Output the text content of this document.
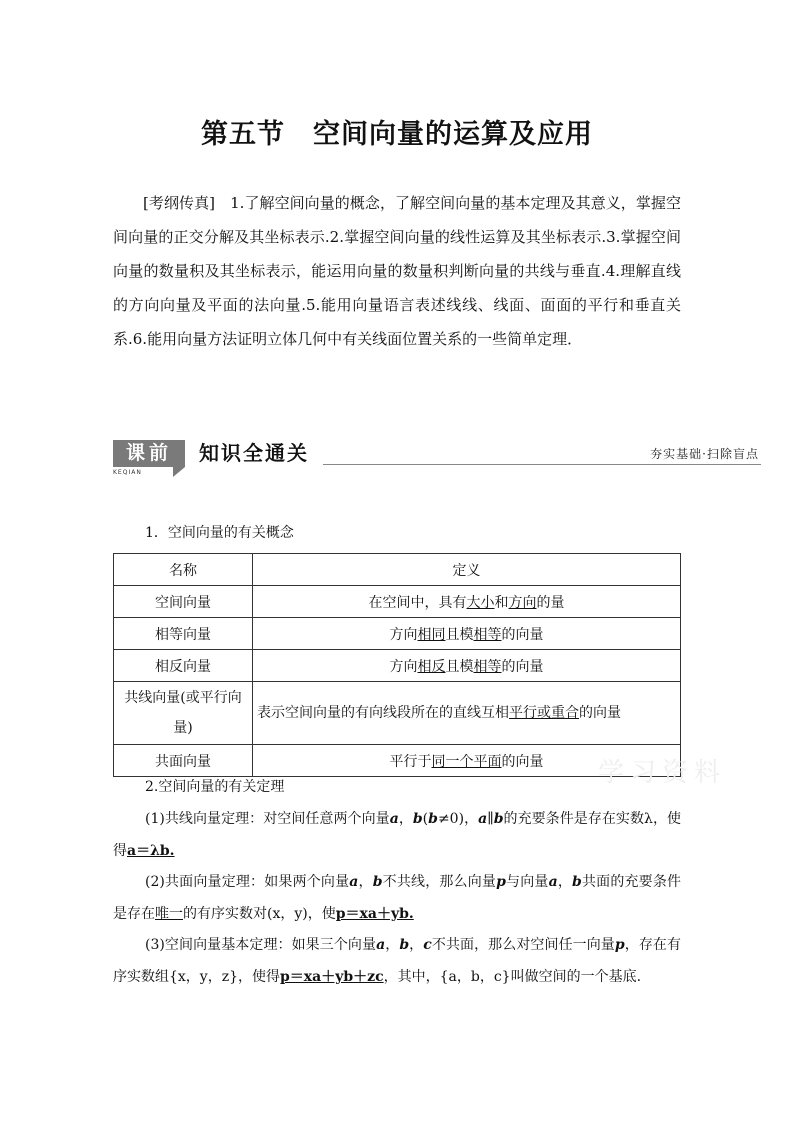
第五节 空间向量的运算及应用
[考纲传真]　 1.了解空间向量的概念，了解空间向量的基本定理及其意义，掌握空间向量的正交分解及其坐标表示.2.掌握空间向量的线性运算及其坐标表示.3.掌握空间向量的数量积及其坐标表示，能运用向量的数量积判断向量的共线与垂直.4.理解直线的方向向量及平面的法向量.5.能用向量语言表述线线、线面、面面的平行和垂直关系.6.能用向量方法证明立体几何中有关线面位置关系的一些简单定理．
课前
KEQIAN
知识全通关	夯实基础·扫除盲点
1．空间向量的有关概念
名称	定义
空间向量	在空间中，具有大小和方向的量
相等向量	方向相同且模相等的向量
相反向量	方向相反且模相等的向量
共线向量(或平行向量)	表示空间向量的有向线段所在的直线互相平行或重合的向量
共面向量	平行于同一个平面的向量 学习资料
2.空间向量的有关定理
(1)共线向量定理：对空间任意两个向量a，b(b≠0)，a∥b的充要条件是存在实数λ，使得a＝λb.
(2)共面向量定理：如果两个向量a，b不共线，那么向量p与向量a，b共面的充要条件是存在唯一的有序实数对(x，y)，使p＝xa＋yb.
(3)空间向量基本定理：如果三个向量a，b，c不共面，那么对空间任一向量p，存在有序实数组{x，y，z}，使得p＝xa＋yb＋zc，其中，{a，b，c}叫做空间的一个基底.
